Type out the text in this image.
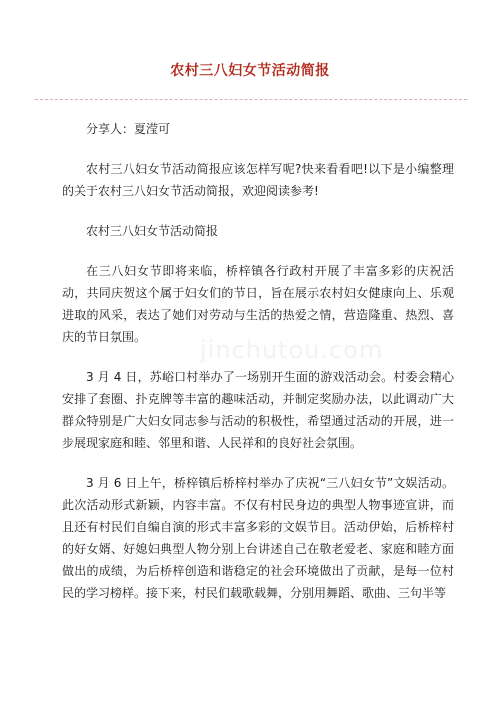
农村三八妇女节活动简报
jinchutou.com

分享人：夏滢可

农村三八妇女节活动简报应该怎样写呢?快来看看吧!以下是小编整理的关于农村三八妇女节活动简报，欢迎阅读参考!

农村三八妇女节活动简报

在三八妇女节即将来临，桥梓镇各行政村开展了丰富多彩的庆祝活动，共同庆贺这个属于妇女们的节日，旨在展示农村妇女健康向上、乐观进取的风采，表达了她们对劳动与生活的热爱之情，营造隆重、热烈、喜庆的节日氛围。

3 月 4 日，苏峪口村举办了一场别开生面的游戏活动会。村委会精心安排了套圈、扑克牌等丰富的趣味活动，并制定奖励办法，以此调动广大群众特别是广大妇女同志参与活动的积极性，希望通过活动的开展，进一步展现家庭和睦、邻里和谐、人民祥和的良好社会氛围。

3 月 6 日上午，桥梓镇后桥梓村举办了庆祝“三八妇女节”文娱活动。此次活动形式新颖，内容丰富。不仅有村民身边的典型人物事迹宣讲，而且还有村民们自编自演的形式丰富多彩的文娱节目。活动伊始，后桥梓村的好女婿、好媳妇典型人物分别上台讲述自己在敬老爱老、家庭和睦方面做出的成绩，为后桥梓创造和谐稳定的社会环境做出了贡献，是每一位村民的学习榜样。接下来，村民们载歌载舞，分别用舞蹈、歌曲、三句半等
